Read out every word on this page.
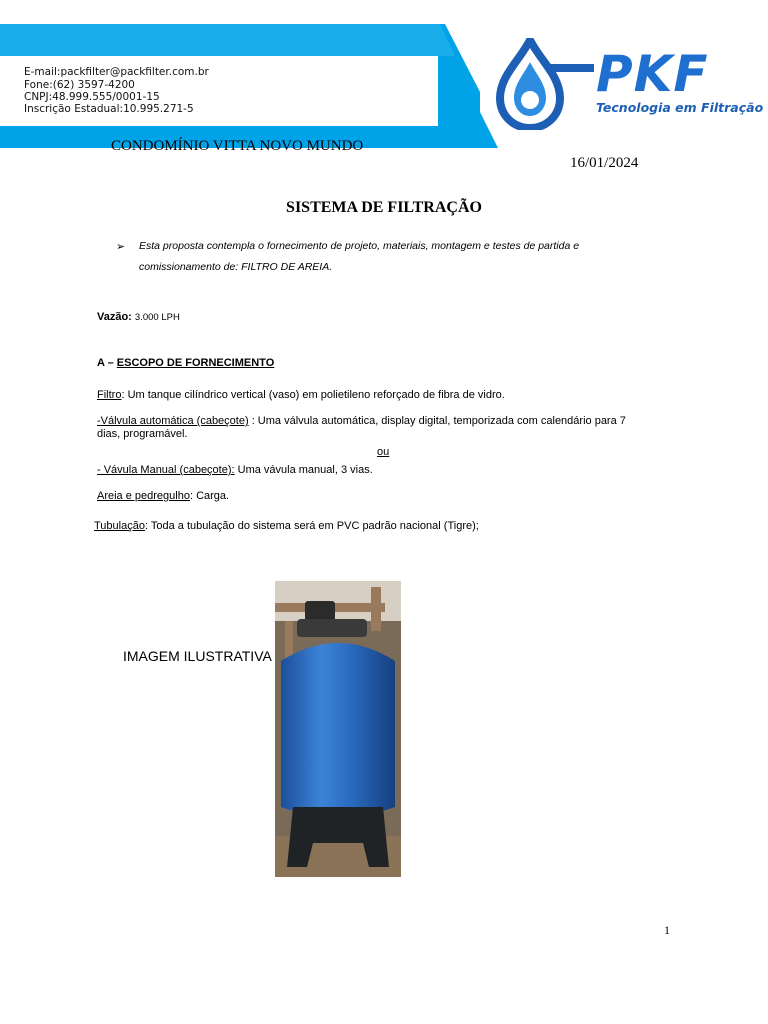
PKF
Tecnologia em Filtração
E-mail:packfilter@packfilter.com.br
Fone:(62) 3597-4200
CNPJ:48.999.555/0001-15
Inscrição Estadual:10.995.271-5
CONDOMÍNIO VITTA NOVO MUNDO
16/01/2024
SISTEMA DE FILTRAÇÃO
➢ Esta proposta contempla o fornecimento de projeto, materiais, montagem e testes de partida e
comissionamento de: FILTRO DE AREIA.
Vazão: 3.000 LPH
A – ESCOPO DE FORNECIMENTO
Filtro: Um tanque cilíndrico vertical (vaso) em polietileno reforçado de fibra de vidro.
-Válvula automática (cabeçote) : Uma válvula automática, display digital, temporizada com calendário para 7
dias, programável.
ou
- Vávula Manual (cabeçote): Uma vávula manual, 3 vias.
Areia e pedregulho: Carga.
Tubulação: Toda a tubulação do sistema será em PVC padrão nacional (Tigre);
IMAGEM ILUSTRATIVA
1
